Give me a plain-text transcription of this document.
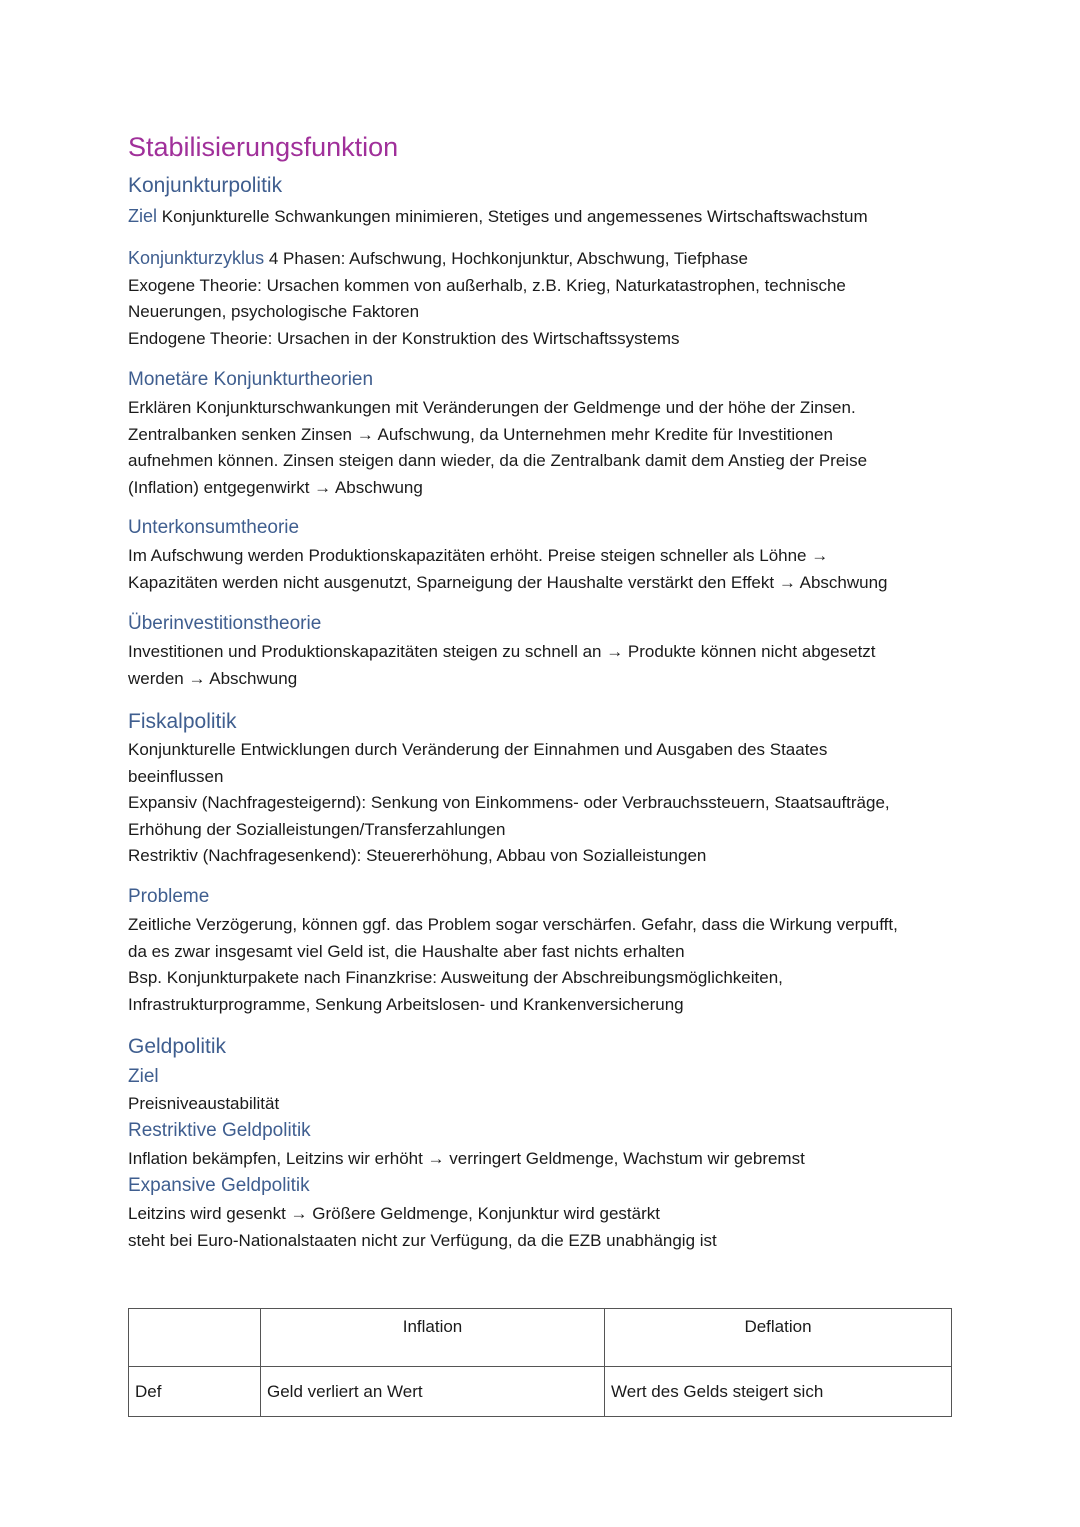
Stabilisierungsfunktion
Konjunkturpolitik
Ziel Konjunkturelle Schwankungen minimieren, Stetiges und angemessenes Wirtschaftswachstum
Konjunkturzyklus 4 Phasen: Aufschwung, Hochkonjunktur, Abschwung, Tiefphase
Exogene Theorie: Ursachen kommen von außerhalb, z.B. Krieg, Naturkatastrophen, technische
Neuerungen, psychologische Faktoren
Endogene Theorie: Ursachen in der Konstruktion des Wirtschaftssystems
Monetäre Konjunkturtheorien
Erklären Konjunkturschwankungen mit Veränderungen der Geldmenge und der höhe der Zinsen.
Zentralbanken senken Zinsen → Aufschwung, da Unternehmen mehr Kredite für Investitionen
aufnehmen können. Zinsen steigen dann wieder, da die Zentralbank damit dem Anstieg der Preise
(Inflation) entgegenwirkt → Abschwung
Unterkonsumtheorie
Im Aufschwung werden Produktionskapazitäten erhöht. Preise steigen schneller als Löhne →
Kapazitäten werden nicht ausgenutzt, Sparneigung der Haushalte verstärkt den Effekt → Abschwung
Überinvestitionstheorie
Investitionen und Produktionskapazitäten steigen zu schnell an → Produkte können nicht abgesetzt
werden → Abschwung
Fiskalpolitik
Konjunkturelle Entwicklungen durch Veränderung der Einnahmen und Ausgaben des Staates
beeinflussen
Expansiv (Nachfragesteigernd): Senkung von Einkommens- oder Verbrauchssteuern, Staatsaufträge,
Erhöhung der Sozialleistungen/Transferzahlungen
Restriktiv (Nachfragesenkend): Steuererhöhung, Abbau von Sozialleistungen
Probleme
Zeitliche Verzögerung, können ggf. das Problem sogar verschärfen. Gefahr, dass die Wirkung verpufft,
da es zwar insgesamt viel Geld ist, die Haushalte aber fast nichts erhalten
Bsp. Konjunkturpakete nach Finanzkrise: Ausweitung der Abschreibungsmöglichkeiten,
Infrastrukturprogramme, Senkung Arbeitslosen- und Krankenversicherung
Geldpolitik
Ziel
Preisniveaustabilität
Restriktive Geldpolitik
Inflation bekämpfen, Leitzins wir erhöht → verringert Geldmenge, Wachstum wir gebremst
Expansive Geldpolitik
Leitzins wird gesenkt → Größere Geldmenge, Konjunktur wird gestärkt
steht bei Euro-Nationalstaaten nicht zur Verfügung, da die EZB unabhängig ist
	Inflation	Deflation
Def	Geld verliert an Wert	Wert des Gelds steigert sich
